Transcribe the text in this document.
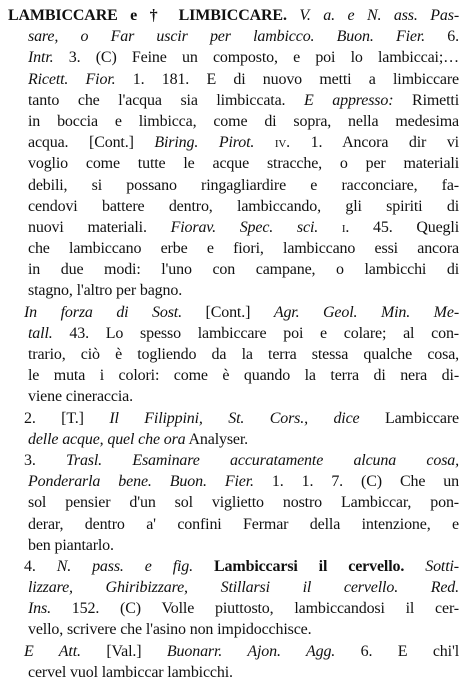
LAMBICCARE e † LIMBICCARE. V. a. e N. ass. Pas-
sare, o Far uscir per lambicco. Buon. Fier. 6.
Intr. 3. (C) Feine un composto, e poi lo lambiccai;…
Ricett. Fior. 1. 181. E di nuovo metti a limbiccare
tanto che l'acqua sia limbiccata. E appresso: Rimetti
in boccia e limbicca, come di sopra, nella medesima
acqua. [Cont.] Biring. Pirot. iv. 1. Ancora dir vi
voglio come tutte le acque stracche, o per materiali
debili, si possano ringagliardire e racconciare, fa-
cendovi battere dentro, lambiccando, gli spiriti di
nuovi materiali. Fiorav. Spec. sci. i. 45. Quegli
che lambiccano erbe e fiori, lambiccano essi ancora
in due modi: l'uno con campane, o lambicchi di
stagno, l'altro per bagno.
In forza di Sost. [Cont.] Agr. Geol. Min. Me-
tall. 43. Lo spesso lambiccare poi e colare; al con-
trario, ciò è togliendo da la terra stessa qualche cosa,
le muta i colori: come è quando la terra di nera di-
viene cineraccia.
2. [T.] Il Filippini, St. Cors., dice Lambiccare
delle acque, quel che ora Analyser.
3. Trasl. Esaminare accuratamente alcuna cosa,
Ponderarla bene. Buon. Fier. 1. 1. 7. (C) Che un
sol pensier d'un sol viglietto nostro Lambiccar, pon-
derar, dentro a' confini Fermar della intenzione, e
ben piantarlo.
4. N. pass. e fig. Lambiccarsi il cervello. Sotti-
lizzare, Ghiribizzare, Stillarsi il cervello. Red.
Ins. 152. (C) Volle piuttosto, lambiccandosi il cer-
vello, scrivere che l'asino non impidocchisce.
E Att. [Val.] Buonarr. Ajon. Agg. 6. E chi'l
cervel vuol lambiccar lambicchi.
